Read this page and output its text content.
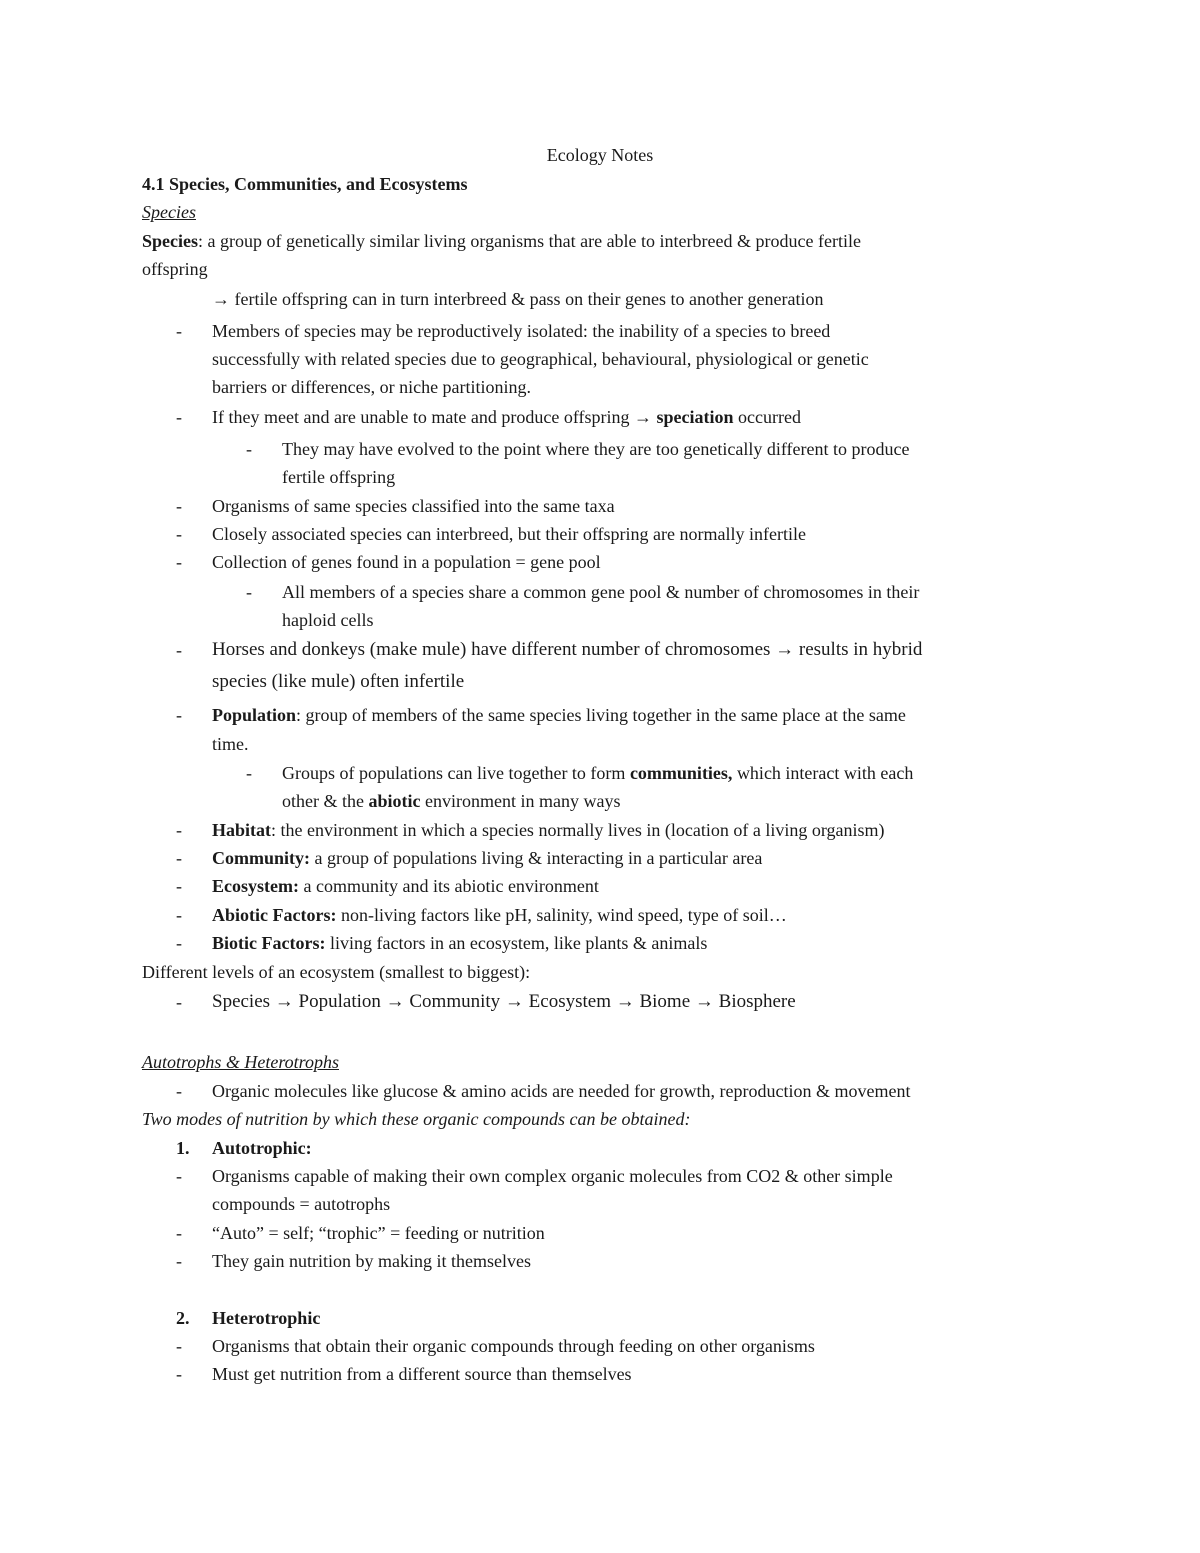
Ecology Notes
4.1 Species, Communities, and Ecosystems
Species
Species: a group of genetically similar living organisms that are able to interbreed & produce fertile
offspring
→ fertile offspring can in turn interbreed & pass on their genes to another generation
- Members of species may be reproductively isolated: the inability of a species to breed
successfully with related species due to geographical, behavioural, physiological or genetic
barriers or differences, or niche partitioning.
- If they meet and are unable to mate and produce offspring → speciation occurred
- They may have evolved to the point where they are too genetically different to produce
fertile offspring
- Organisms of same species classified into the same taxa
- Closely associated species can interbreed, but their offspring are normally infertile
- Collection of genes found in a population = gene pool
- All members of a species share a common gene pool & number of chromosomes in their
haploid cells
- Horses and donkeys (make mule) have different number of chromosomes → results in hybrid
species (like mule) often infertile
- Population: group of members of the same species living together in the same place at the same
time.
- Groups of populations can live together to form communities, which interact with each
other & the abiotic environment in many ways
- Habitat: the environment in which a species normally lives in (location of a living organism)
- Community: a group of populations living & interacting in a particular area
- Ecosystem: a community and its abiotic environment
- Abiotic Factors: non-living factors like pH, salinity, wind speed, type of soil…
- Biotic Factors: living factors in an ecosystem, like plants & animals
Different levels of an ecosystem (smallest to biggest):
- Species → Population → Community → Ecosystem → Biome → Biosphere
Autotrophs & Heterotrophs
- Organic molecules like glucose & amino acids are needed for growth, reproduction & movement
Two modes of nutrition by which these organic compounds can be obtained:
1. Autotrophic:
- Organisms capable of making their own complex organic molecules from CO2 & other simple
compounds = autotrophs
- “Auto” = self; “trophic” = feeding or nutrition
- They gain nutrition by making it themselves
2. Heterotrophic
- Organisms that obtain their organic compounds through feeding on other organisms
- Must get nutrition from a different source than themselves
